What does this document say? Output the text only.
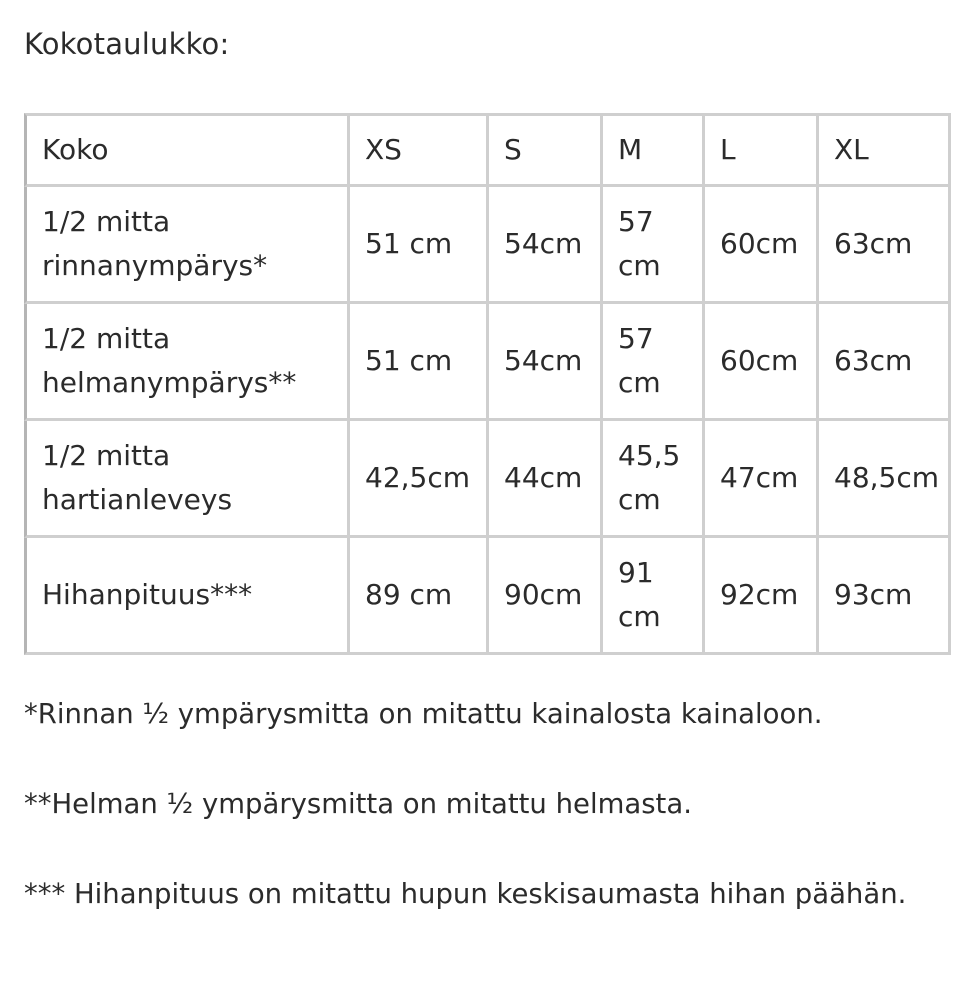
Kokotaulukko:
Koko	XS	S	M	L	XL
1/2 mitta rinnanympärys*	51 cm	54cm	57 cm	60cm	63cm
1/2 mitta helmanympärys**	51 cm	54cm	57 cm	60cm	63cm
1/2 mitta hartianleveys	42,5cm	44cm	45,5 cm	47cm	48,5cm
Hihanpituus***	89 cm	90cm	91 cm	92cm	93cm
*Rinnan ½ ympärysmitta on mitattu kainalosta kainaloon.
**Helman ½ ympärysmitta on mitattu helmasta.
*** Hihanpituus on mitattu hupun keskisaumasta hihan päähän.
